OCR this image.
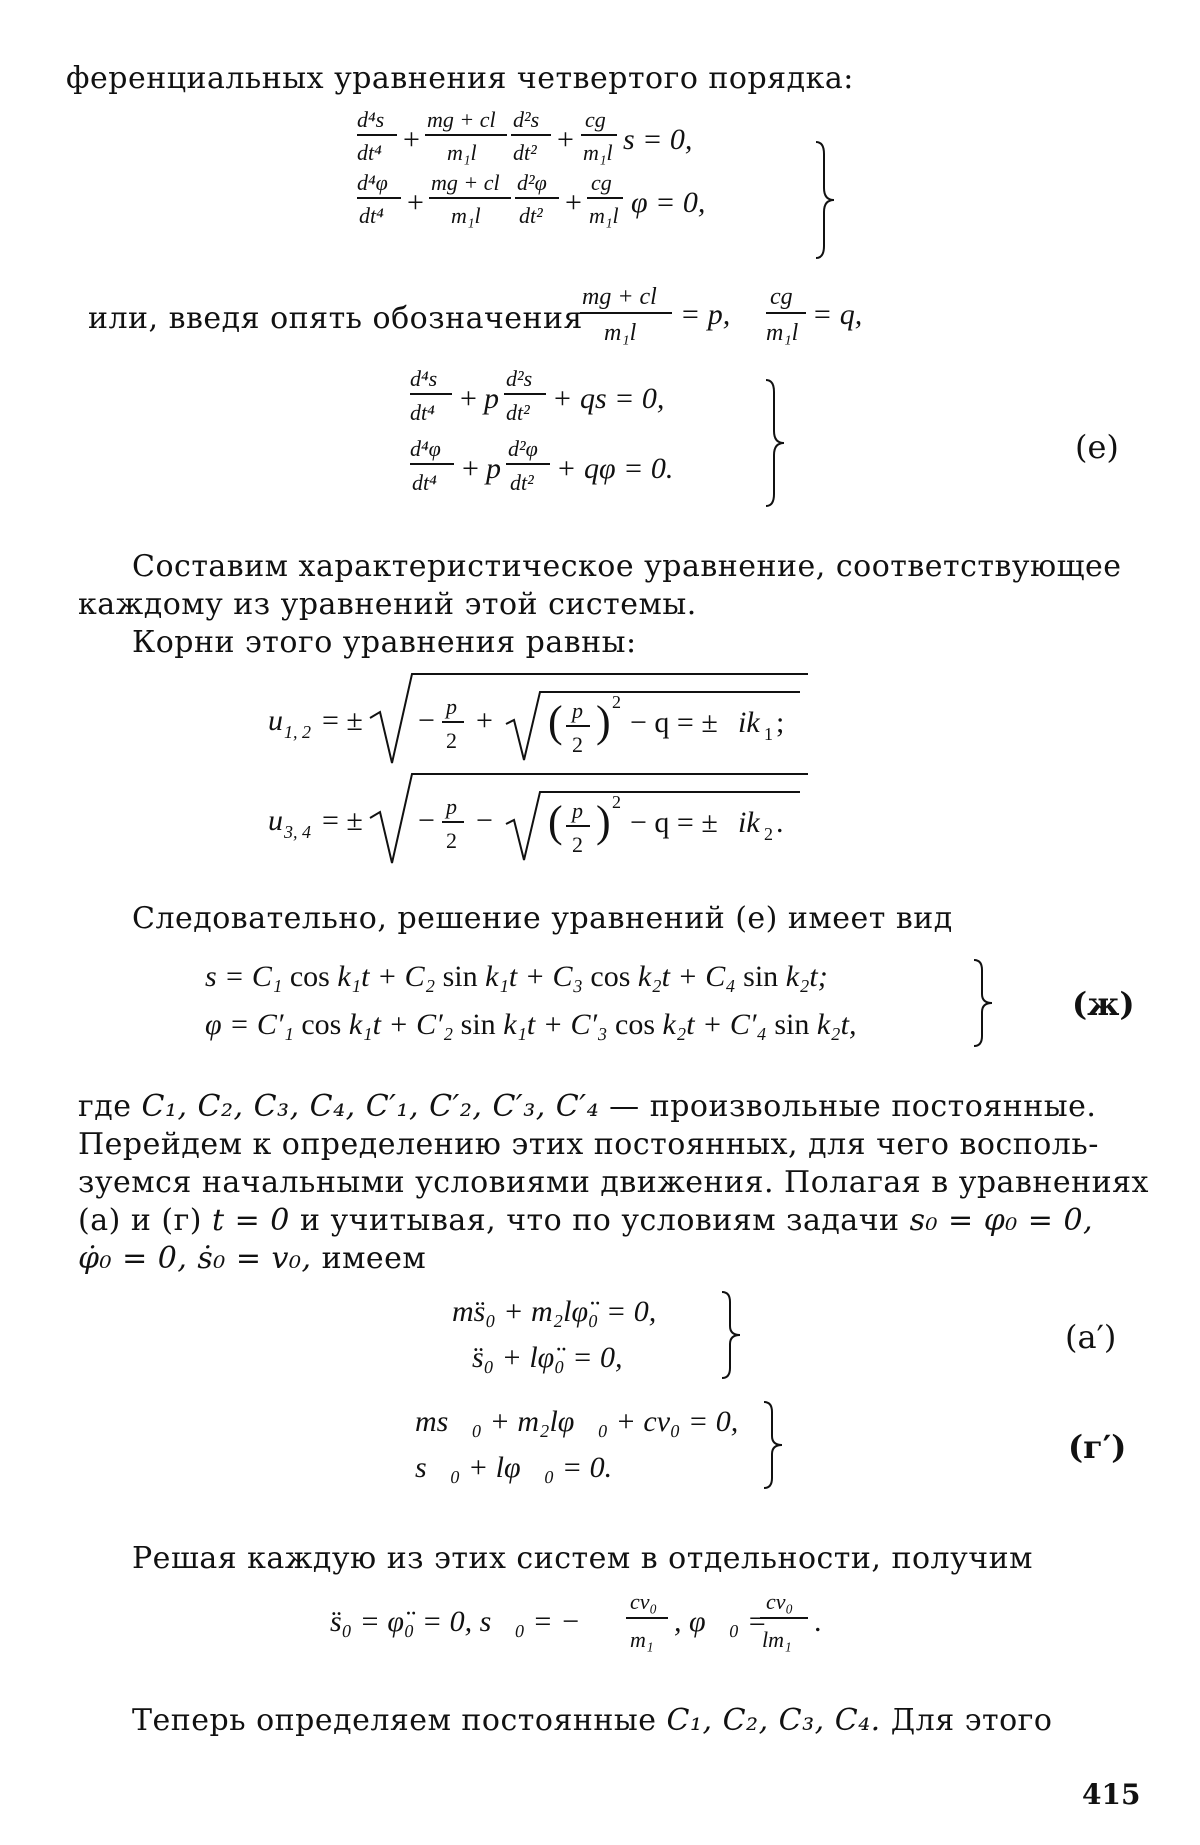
ференциальных уравнения четвертого порядка:
d⁴s
dt⁴ +
mg + cl
m₁l
d²s
dt² +
cg
m₁l s = 0,
d⁴φ
dt⁴ +
mg + cl
m₁l
d²φ
dt² +
cg
m₁l φ = 0,
или, введя опять обозначения
mg + cl
m₁l
= p,
cg
m₁l
= q,
d⁴s
dt⁴ + p
d²s
dt² + qs = 0,
d⁴φ
dt⁴ + p
d²φ
dt² + qφ = 0.
(е)
Составим характеристическое уравнение, соответствующее
каждому из уравнений этой системы.
Корни этого уравнения равны:
u 1, 2 = ± − p
2
+ ( p
2 ) 2
− q = ± ik 1 ;
u 3, 4 = ± − p
2
− ( p
2 ) 2
− q = ± ik 2 .
Следовательно, решение уравнений (e) имеет вид
s = C₁ cos k₁t + C₂ sin k₁t + C₃ cos k₂t + C₄ sin k₂t;
φ = C′₁ cos k₁t + C′₂ sin k₁t + C′₃ cos k₂t + C′₄ sin k₂t,
(ж)
где C₁, C₂, C₃, C₄, C′₁, C′₂, C′₃, C′₄ — произвольные постоянные.
Перейдем к определению этих постоянных, для чего восполь-
зуемся начальными условиями движения. Полагая в уравнениях
(а) и (г) t = 0 и учитывая, что по условиям задачи s₀ = φ₀ = 0,
φ̇₀ = 0, ṡ₀ = v₀, имеем
ms̈₀ + m₂lφ̈₀ = 0,
s̈₀ + lφ̈₀ = 0,
(а′)
ms⃛₀ + m₂lφ⃛₀ + cv₀ = 0,
s⃛₀ + lφ⃛₀ = 0.
(г′)
Решая каждую из этих систем в отдельности, получим
s̈₀ = φ̈₀ = 0, s⃛₀ = −
cv₀
m₁
, φ⃛₀ =
cv₀
lm₁
.
Теперь определяем постоянные C₁, C₂, C₃, C₄. Для этого
415
